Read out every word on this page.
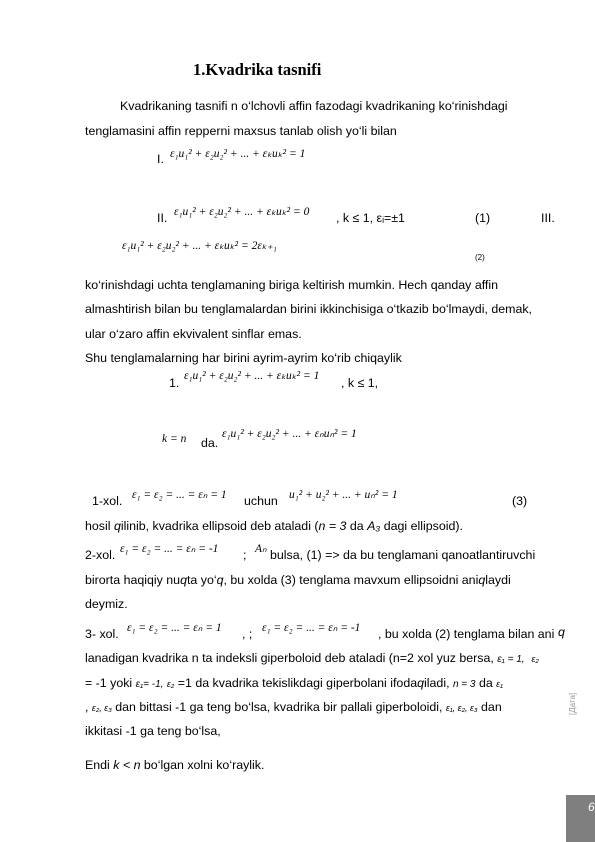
1.Kvadrika tasnifi
Kvadrikaning tasnifi n o‘lchovli affin fazodagi kvadrikaning ko‘rinishdagi
tenglamasini affin repperni maxsus tanlab olish yo‘li bilan
I. ε₁u₁² + ε₂u₂² + ... + εₖuₖ² = 1
II. ε₁u₁² + ε₂u₂² + ... + εₖuₖ² = 0 , k ≤ 1, εᵢ=±1	(1)	III.
ε₁u₁² + ε₂u₂² + ... + εₖuₖ² = 2εₖ₊₁
(2)
ko‘rinishdagi uchta tenglamaning biriga keltirish mumkin. Hech qanday affin
almashtirish bilan bu tenglamalardan birini ikkinchisiga o‘tkazib bo‘lmaydi, demak,
ular o‘zaro affin ekvivalent sinflar emas.
Shu tenglamalarning har birini ayrim-ayrim ko‘rib chiqaylik
1. ε₁u₁² + ε₂u₂² + ... + εₖuₖ² = 1 , k ≤ 1,
k = n da.
ε₁u₁² + ε₂u₂² + ... + εₙuₙ² = 1
1-xol. ε₁ = ε₂ = ... = εₙ = 1 uchun u₁² + u₂² + ... + uₙ² = 1	(3)
hosil qilinib, kvadrika ellipsoid deb ataladi (n = 3 da A₃ dagi ellipsoid).
2-xol. ε₁ = ε₂ = ... = εₙ = -1 ; Aₙ bulsa, (1) => da bu tenglamani qanoatlantiruvchi
birorta haqiqiy nuqta yo‘q, bu xolda (3) tenglama mavxum ellipsoidni aniqlaydi
deymiz.
3- xol. ε₁ = ε₂ = ... = εₙ = 1 , ; ε₁ = ε₂ = ... = εₙ = -1 , bu xolda (2) tenglama bilan ani q
lanadigan kvadrika n ta indeksli giperboloid deb ataladi (n=2 xol yuz bersa, ε₁ = 1, ε₂
= -1 yoki ε₁= -1, ε₂ =1 da kvadrika tekislikdagi giperbolani ifodaqiladi, n = 3 da ε₁
, ε₂, ε₃ dan bittasi -1 ga teng bo‘lsa, kvadrika bir pallali giperboloidi, ε₁, ε₂, ε₃ dan
ikkitasi -1 ga teng bo‘lsa,
Endi k < n bo‘lgan xolni ko‘raylik.
[Дата]
6
